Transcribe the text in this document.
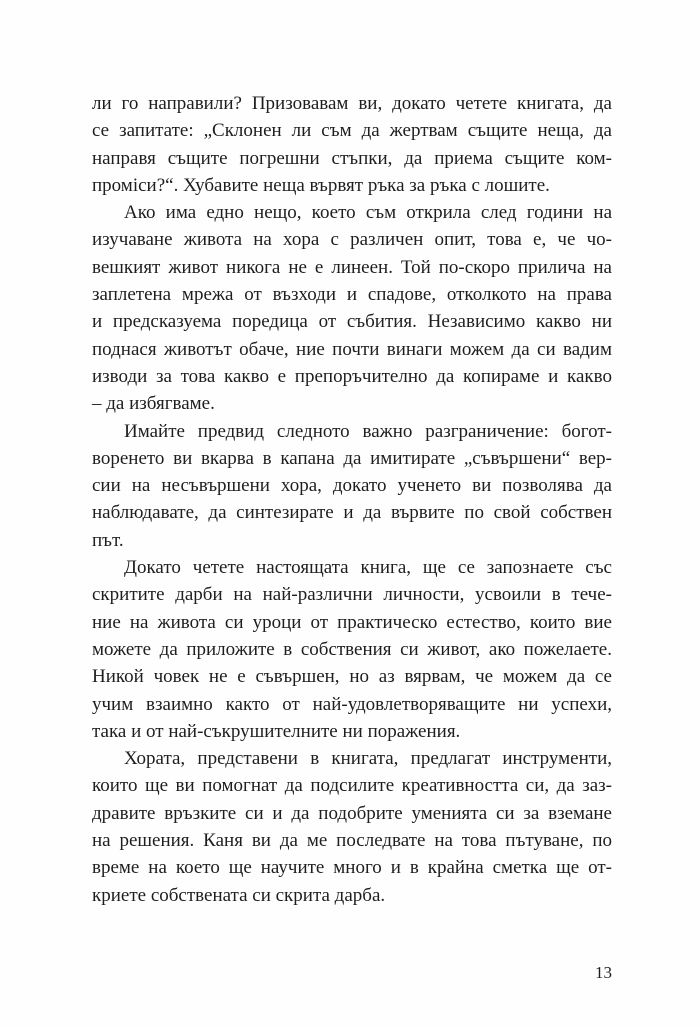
ли го направили? Призовавам ви, докато четете книгата, да
се запитате: „Склонен ли съм да жертвам същите неща, да
направя същите погрешни стъпки, да приема същите ком-
проміси?“. Хубавите неща вървят ръка за ръка с лошите.
Ако има едно нещо, което съм открила след години на
изучаване живота на хора с различен опит, това е, че чо-
вешкият живот никога не е линеен. Той по-скоро прилича на
заплетена мрежа от възходи и спадове, отколкото на права
и предсказуема поредица от събития. Независимо какво ни
поднася животът обаче, ние почти винаги можем да си вадим
изводи за това какво е препоръчително да копираме и какво
– да избягваме.
Имайте предвид следното важно разграничение: богот-
воренето ви вкарва в капана да имитирате „съвършени“ вер-
сии на несъвършени хора, докато ученето ви позволява да
наблюдавате, да синтезирате и да вървите по свой собствен
път.
Докато четете настоящата книга, ще се запознаете със
скритите дарби на най-различни личности, усвоили в тече-
ние на живота си уроци от практическо естество, които вие
можете да приложите в собствения си живот, ако пожелаете.
Никой човек не е съвършен, но аз вярвам, че можем да се
учим взаимно както от най-удовлетворяващите ни успехи,
така и от най-съкрушителните ни поражения.
Хората, представени в книгата, предлагат инструменти,
които ще ви помогнат да подсилите креативността си, да заз-
дравите връзките си и да подобрите уменията си за вземане
на решения. Каня ви да ме последвате на това пътуване, по
време на което ще научите много и в крайна сметка ще от-
криете собствената си скрита дарба.
13
